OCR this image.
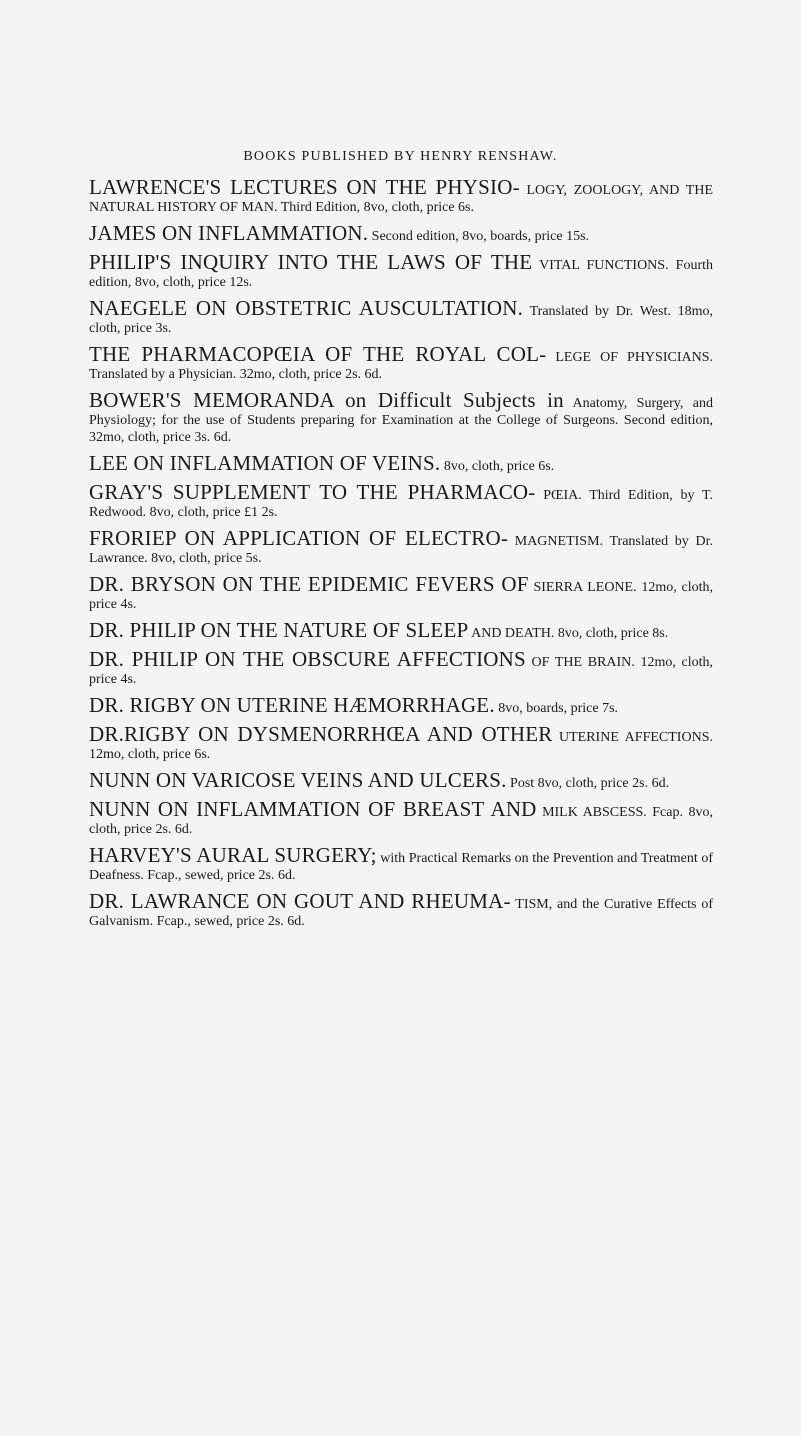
BOOKS PUBLISHED BY HENRY RENSHAW.

LAWRENCE'S LECTURES ON THE PHYSIO- LOGY, ZOOLOGY, AND THE NATURAL HISTORY OF MAN. Third Edition, 8vo, cloth, price 6s.

JAMES ON INFLAMMATION. Second edition, 8vo, boards, price 15s.

PHILIP'S INQUIRY INTO THE LAWS OF THE VITAL FUNCTIONS. Fourth edition, 8vo, cloth, price 12s.

NAEGELE ON OBSTETRIC AUSCULTATION. Translated by Dr. West. 18mo, cloth, price 3s.

THE PHARMACOPŒIA OF THE ROYAL COL- LEGE OF PHYSICIANS. Translated by a Physician. 32mo, cloth, price 2s. 6d.

BOWER'S MEMORANDA on Difficult Subjects in Anatomy, Surgery, and Physiology; for the use of Students preparing for Examination at the College of Surgeons. Second edition, 32mo, cloth, price 3s. 6d.

LEE ON INFLAMMATION OF VEINS. 8vo, cloth, price 6s.

GRAY'S SUPPLEMENT TO THE PHARMACO- PŒIA. Third Edition, by T. Redwood. 8vo, cloth, price £1 2s.

FRORIEP ON APPLICATION OF ELECTRO- MAGNETISM. Translated by Dr. Lawrance. 8vo, cloth, price 5s.

DR. BRYSON ON THE EPIDEMIC FEVERS OF SIERRA LEONE. 12mo, cloth, price 4s.

DR. PHILIP ON THE NATURE OF SLEEP AND DEATH. 8vo, cloth, price 8s.

DR. PHILIP ON THE OBSCURE AFFECTIONS OF THE BRAIN. 12mo, cloth, price 4s.

DR. RIGBY ON UTERINE HÆMORRHAGE. 8vo, boards, price 7s.

DR.RIGBY ON DYSMENORRHŒA AND OTHER UTERINE AFFECTIONS. 12mo, cloth, price 6s.

NUNN ON VARICOSE VEINS AND ULCERS. Post 8vo, cloth, price 2s. 6d.

NUNN ON INFLAMMATION OF BREAST AND MILK ABSCESS. Fcap. 8vo, cloth, price 2s. 6d.

HARVEY'S AURAL SURGERY; with Practical Remarks on the Prevention and Treatment of Deafness. Fcap., sewed, price 2s. 6d.

DR. LAWRANCE ON GOUT AND RHEUMA- TISM, and the Curative Effects of Galvanism. Fcap., sewed, price 2s. 6d.
